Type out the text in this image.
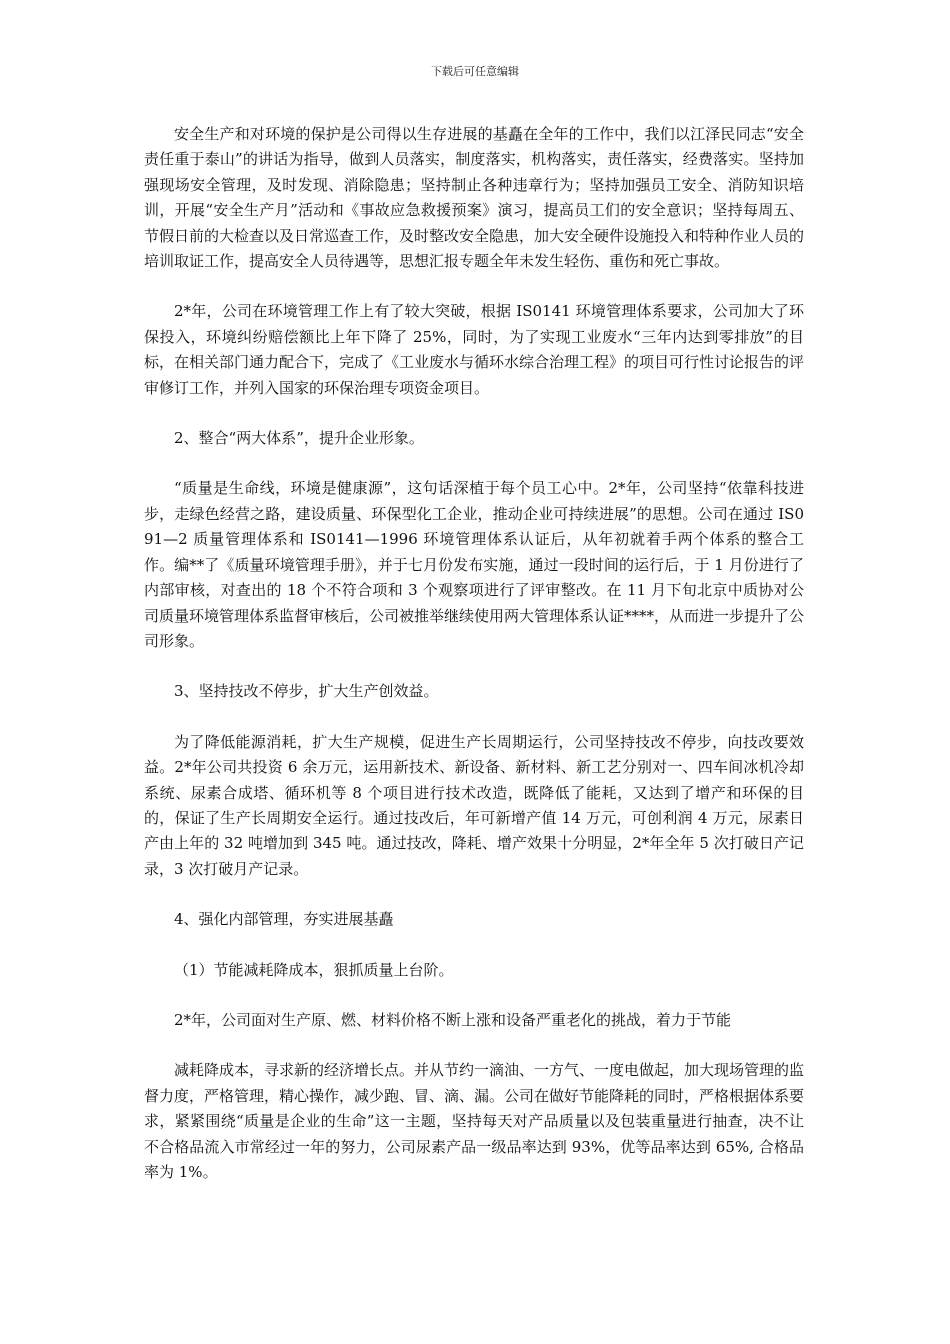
下载后可任意编辑

安全生产和对环境的保护是公司得以生存进展的基矗在全年的工作中，我们以江泽民同志“安全责任重于泰山”的讲话为指导，做到人员落实，制度落实，机构落实，责任落实，经费落实。坚持加强现场安全管理，及时发现、消除隐患；坚持制止各种违章行为；坚持加强员工安全、消防知识培训，开展“安全生产月”活动和《事故应急救援预案》演习，提高员工们的安全意识；坚持每周五、节假日前的大检查以及日常巡查工作，及时整改安全隐患，加大安全硬件设施投入和特种作业人员的培训取证工作，提高安全人员待遇等，思想汇报专题全年未发生轻伤、重伤和死亡事故。

2*年，公司在环境管理工作上有了较大突破，根据 IS0141 环境管理体系要求，公司加大了环保投入，环境纠纷赔偿额比上年下降了 25%，同时，为了实现工业废水“三年内达到零排放”的目标，在相关部门通力配合下，完成了《工业废水与循环水综合治理工程》的项目可行性讨论报告的评审修订工作，并列入国家的环保治理专项资金项目。

2、整合“两大体系”，提升企业形象。

“质量是生命线，环境是健康源”，这句话深植于每个员工心中。2*年，公司坚持“依靠科技进步，走绿色经营之路，建设质量、环保型化工企业，推动企业可持续进展”的思想。公司在通过 IS091—2 质量管理体系和 IS0141—1996 环境管理体系认证后，从年初就着手两个体系的整合工作。编**了《质量环境管理手册》，并于七月份发布实施，通过一段时间的运行后，于 1 月份进行了内部审核，对查出的 18 个不符合项和 3 个观察项进行了评审整改。在 11 月下旬北京中质协对公司质量环境管理体系监督审核后，公司被推举继续使用两大管理体系认证****，从而进一步提升了公司形象。

3、坚持技改不停步，扩大生产创效益。

为了降低能源消耗，扩大生产规模，促进生产长周期运行，公司坚持技改不停步，向技改要效益。2*年公司共投资 6 余万元，运用新技术、新设备、新材料、新工艺分别对一、四车间冰机冷却系统、尿素合成塔、循环机等 8 个项目进行技术改造，既降低了能耗，又达到了增产和环保的目的，保证了生产长周期安全运行。通过技改后，年可新增产值 14 万元，可创利润 4 万元，尿素日产由上年的 32 吨增加到 345 吨。通过技改，降耗、增产效果十分明显，2*年全年 5 次打破日产记录，3 次打破月产记录。

4、强化内部管理，夯实进展基矗

（1）节能减耗降成本，狠抓质量上台阶。

2*年，公司面对生产原、燃、材料价格不断上涨和设备严重老化的挑战，着力于节能

减耗降成本，寻求新的经济增长点。并从节约一滴油、一方气、一度电做起，加大现场管理的监督力度，严格管理，精心操作，减少跑、冒、滴、漏。公司在做好节能降耗的同时，严格根据体系要求，紧紧围绕“质量是企业的生命”这一主题，坚持每天对产品质量以及包装重量进行抽查，决不让不合格品流入市常经过一年的努力，公司尿素产品一级品率达到 93%，优等品率达到 65%, 合格品率为 1%。
